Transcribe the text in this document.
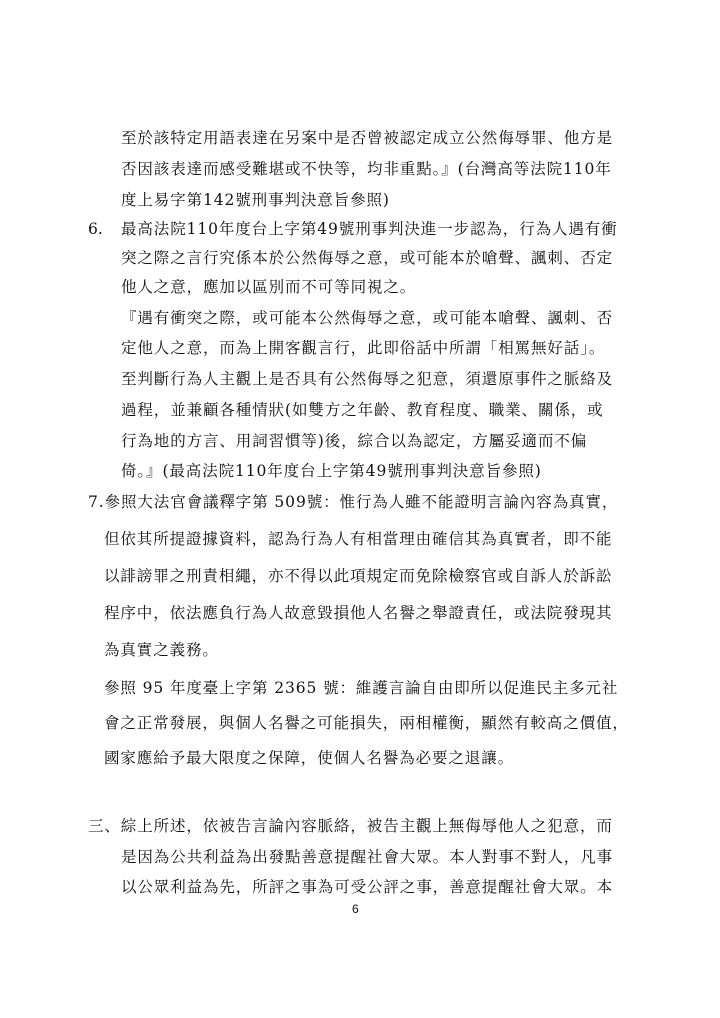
至於該特定用語表達在另案中是否曾被認定成立公然侮辱罪、他方是
否因該表達而感受難堪或不快等，均非重點。』(台灣高等法院110年
度上易字第142號刑事判決意旨參照)
6. 最高法院110年度台上字第49號刑事判決進一步認為，行為人遇有衝
突之際之言行究係本於公然侮辱之意，或可能本於嗆聲、諷刺、否定
他人之意，應加以區別而不可等同視之。
『遇有衝突之際，或可能本公然侮辱之意，或可能本嗆聲、諷刺、否
定他人之意，而為上開客觀言行，此即俗話中所謂「相罵無好話」。
至判斷行為人主觀上是否具有公然侮辱之犯意，須還原事件之脈絡及
過程，並兼顧各種情狀(如雙方之年齡、教育程度、職業、關係，或
行為地的方言、用詞習慣等)後，綜合以為認定，方屬妥適而不偏
倚。』(最高法院110年度台上字第49號刑事判決意旨參照)
7.參照大法官會議釋字第 509號：惟行為人雖不能證明言論內容為真實，
但依其所提證據資料，認為行為人有相當理由確信其為真實者，即不能
以誹謗罪之刑責相繩，亦不得以此項規定而免除檢察官或自訴人於訴訟
程序中，依法應負行為人故意毀損他人名譽之舉證責任，或法院發現其
為真實之義務。
參照 95 年度臺上字第 2365 號：維護言論自由即所以促進民主多元社
會之正常發展，與個人名譽之可能損失，兩相權衡，顯然有較高之價值，
國家應給予最大限度之保障，使個人名譽為必要之退讓。
三、綜上所述，依被告言論內容脈絡，被告主觀上無侮辱他人之犯意，而
是因為公共利益為出發點善意提醒社會大眾。本人對事不對人，凡事
以公眾利益為先，所評之事為可受公評之事，善意提醒社會大眾。本
6
